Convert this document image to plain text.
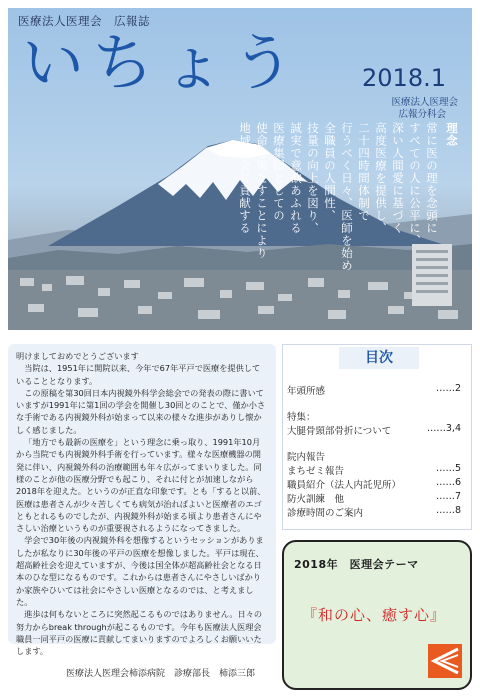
医療法人医理会　広報誌
いちょう	2018.1
医療法人医理会
広報分科会
理念
常に医の理を念頭に
すべての人に公平に、
深い人間愛に基づく
高度医療を提供し、
二十四時間体制で
行うべく日々、医師を始め
全職員の人間性、
技量の向上を図り、
誠実で意欲あふれる
医療集団としての
使命を果たすことにより
地域社会に貢献する

明けましておめでとうございます

当院は、1951年に開院以来、今年で67年平戸で医療を提供していることとなります。

この原稿を第30回日本内視鏡外科学会総会での発表の際に書いていますが1991年に第1回の学会を開催し30回とのことで、僅か小さな手術である内視鏡外科が始まって以来の様々な進歩がありし懐かしく感じました。

「地方でも最新の医療を」という理念に乗っ取り、1991年10月から当院でも内視鏡外科手術を行っています。様々な医療機器の開発に伴い、内視鏡外科の治療範囲も年々広がってまいりました。同様のことが他の医療分野でも起こり、それに付とが加速しながら2018年を迎えた。というのが正直な印象です。とも「すると以前、医療は患者さんが少々苦しくても病気が治ればよいと医療者のエゴともとれるものでしたが、内視鏡外科が始まる頃より患者さんにやさしい治療というものが重要視されるようになってきました。

学会で30年後の内視鏡外科を想像するというセッションがありましたが私なりに30年後の平戸の医療を想像しました。平戸は現在、超高齢社会を迎えていますが、今後は国全体が超高齢社会となる日本のひな型になるものです。これからは患者さんにやさしいばかりか家族やひいては社会にやさしい医療となるのでは、と考えました。

進歩は何もないところに突然起こるものではありません。日々の努力からbreak throughが起こるものです。今年も医療法人医理会　職員一同平戸の医療に貢献してまいりますのでよろしくお願いいたします。

医療法人医理会柿添病院　診療部長　柿添三郎
目次
年頭所感	……2
特集：
大腿骨頸部骨折について	……3,4
院内報告
まちゼミ報告	……5
職員紹介（法人内託児所）	……6
防火訓練　他	……7
診療時間のご案内	……8
2018年　医理会テーマ
『和の心、癒す心』
